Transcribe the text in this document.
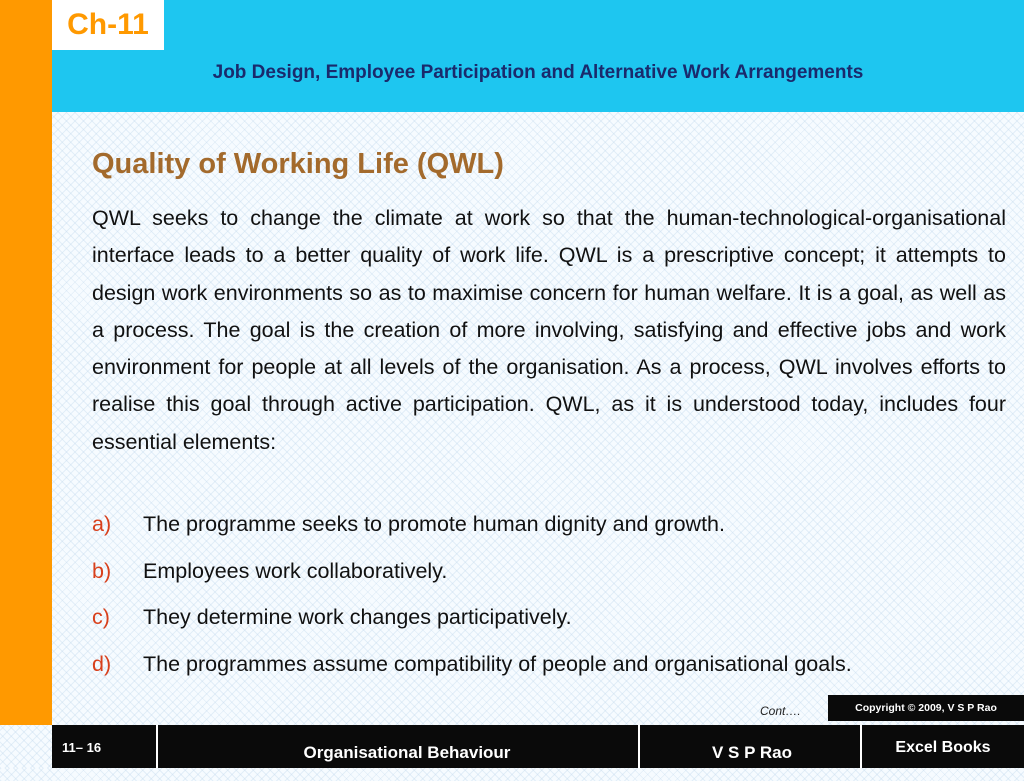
Ch-11
Job Design, Employee Participation and Alternative Work Arrangements
Quality of Working Life (QWL)

QWL seeks to change the climate at work so that the human-technological-organisational interface leads to a better quality of work life. QWL is a prescriptive concept; it attempts to design work environments so as to maximise concern for human welfare. It is a goal, as well as a process. The goal is the creation of more involving, satisfying and effective jobs and work environment for people at all levels of the organisation. As a process, QWL involves efforts to realise this goal through active participation. QWL, as it is understood today, includes four essential elements:

a) The programme seeks to promote human dignity and growth.
b) Employees work collaboratively.
c) They determine work changes participatively.
d) The programmes assume compatibility of people and organisational goals.
Cont….	Copyright © 2009, V S P Rao
11– 16	Organisational Behaviour	V S P Rao	Excel Books
